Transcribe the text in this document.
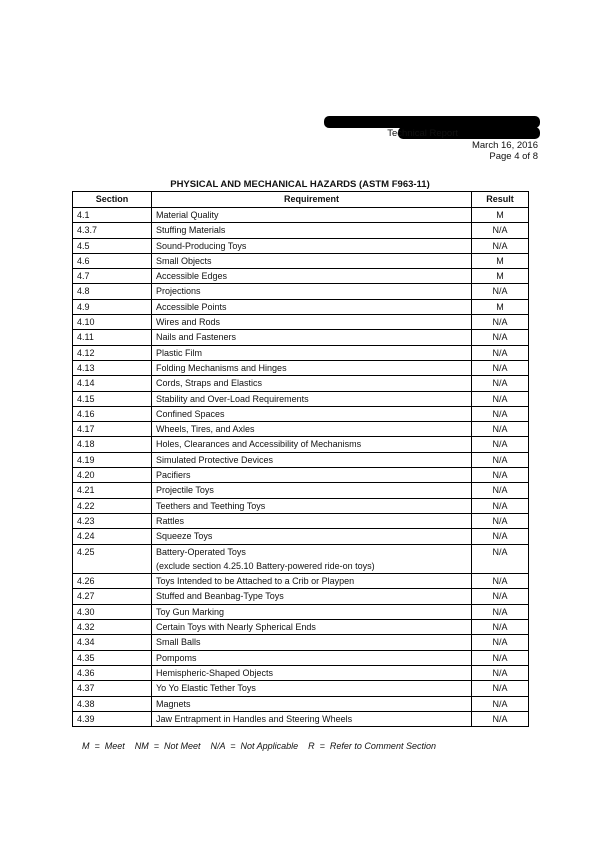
Technical Report
March 16, 2016
Page 4 of 8
PHYSICAL AND MECHANICAL HAZARDS (ASTM F963-11)
Section	Requirement	Result
4.1	Material Quality	M
4.3.7	Stuffing Materials	N/A
4.5	Sound-Producing Toys	N/A
4.6	Small Objects	M
4.7	Accessible Edges	M
4.8	Projections	N/A
4.9	Accessible Points	M
4.10	Wires and Rods	N/A
4.11	Nails and Fasteners	N/A
4.12	Plastic Film	N/A
4.13	Folding Mechanisms and Hinges	N/A
4.14	Cords, Straps and Elastics	N/A
4.15	Stability and Over-Load Requirements	N/A
4.16	Confined Spaces	N/A
4.17	Wheels, Tires, and Axles	N/A
4.18	Holes, Clearances and Accessibility of Mechanisms	N/A
4.19	Simulated Protective Devices	N/A
4.20	Pacifiers	N/A
4.21	Projectile Toys	N/A
4.22	Teethers and Teething Toys	N/A
4.23	Rattles	N/A
4.24	Squeeze Toys	N/A
4.25	Battery-Operated Toys
(exclude section 4.25.10 Battery-powered ride-on toys)	N/A
4.26	Toys Intended to be Attached to a Crib or Playpen	N/A
4.27	Stuffed and Beanbag-Type Toys	N/A
4.30	Toy Gun Marking	N/A
4.32	Certain Toys with Nearly Spherical Ends	N/A
4.34	Small Balls	N/A
4.35	Pompoms	N/A
4.36	Hemispheric-Shaped Objects	N/A
4.37	Yo Yo Elastic Tether Toys	N/A
4.38	Magnets	N/A
4.39	Jaw Entrapment in Handles and Steering Wheels	N/A
M  =  Meet    NM  =  Not Meet    N/A  =  Not Applicable    R  =  Refer to Comment Section
